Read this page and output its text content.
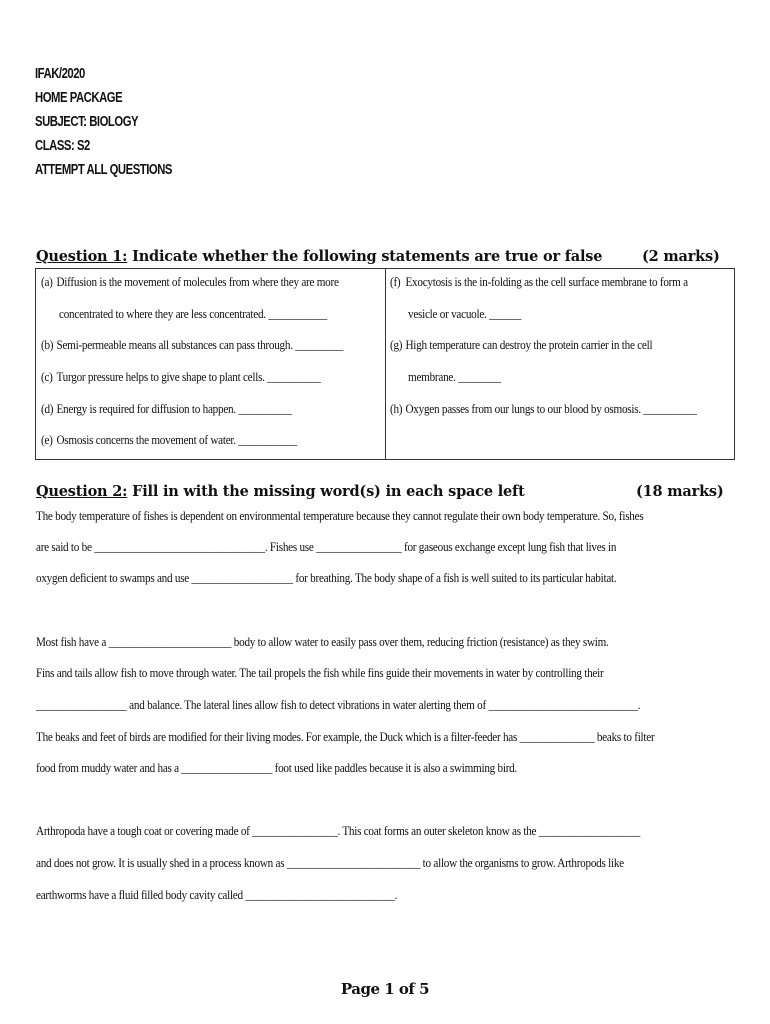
IFAK/2020
HOME PACKAGE
SUBJECT: BIOLOGY
CLASS: S2
ATTEMPT ALL QUESTIONS
Question 1: Indicate whether the following statements are true or false	(2 marks)
(a) Diffusion is the movement of molecules from where they are more
concentrated to where they are less concentrated. ___________
(b) Semi-permeable means all substances can pass through. _________
(c) Turgor pressure helps to give shape to plant cells. __________
(d) Energy is required for diffusion to happen. __________
(e) Osmosis concerns the movement of water. ___________
(f) Exocytosis is the in-folding as the cell surface membrane to form a
vesicle or vacuole. ______
(g) High temperature can destroy the protein carrier in the cell
membrane. ________
(h) Oxygen passes from our lungs to our blood by osmosis. __________
Question 2: Fill in with the missing word(s) in each space left	(18 marks)
The body temperature of fishes is dependent on environmental temperature because they cannot regulate their own body temperature. So, fishes
are said to be ________________________________. Fishes use ________________ for gaseous exchange except lung fish that lives in
oxygen deficient to swamps and use ___________________ for breathing. The body shape of a fish is well suited to its particular habitat.
Most fish have a _______________________ body to allow water to easily pass over them, reducing friction (resistance) as they swim.
Fins and tails allow fish to move through water. The tail propels the fish while fins guide their movements in water by controlling their
_________________ and balance. The lateral lines allow fish to detect vibrations in water alerting them of ____________________________.
The beaks and feet of birds are modified for their living modes. For example, the Duck which is a filter-feeder has ______________ beaks to filter
food from muddy water and has a _________________ foot used like paddles because it is also a swimming bird.
Arthropoda have a tough coat or covering made of ________________. This coat forms an outer skeleton know as the ___________________
and does not grow. It is usually shed in a process known as _________________________ to allow the organisms to grow. Arthropods like
earthworms have a fluid filled body cavity called ____________________________.
Page 1 of 5
